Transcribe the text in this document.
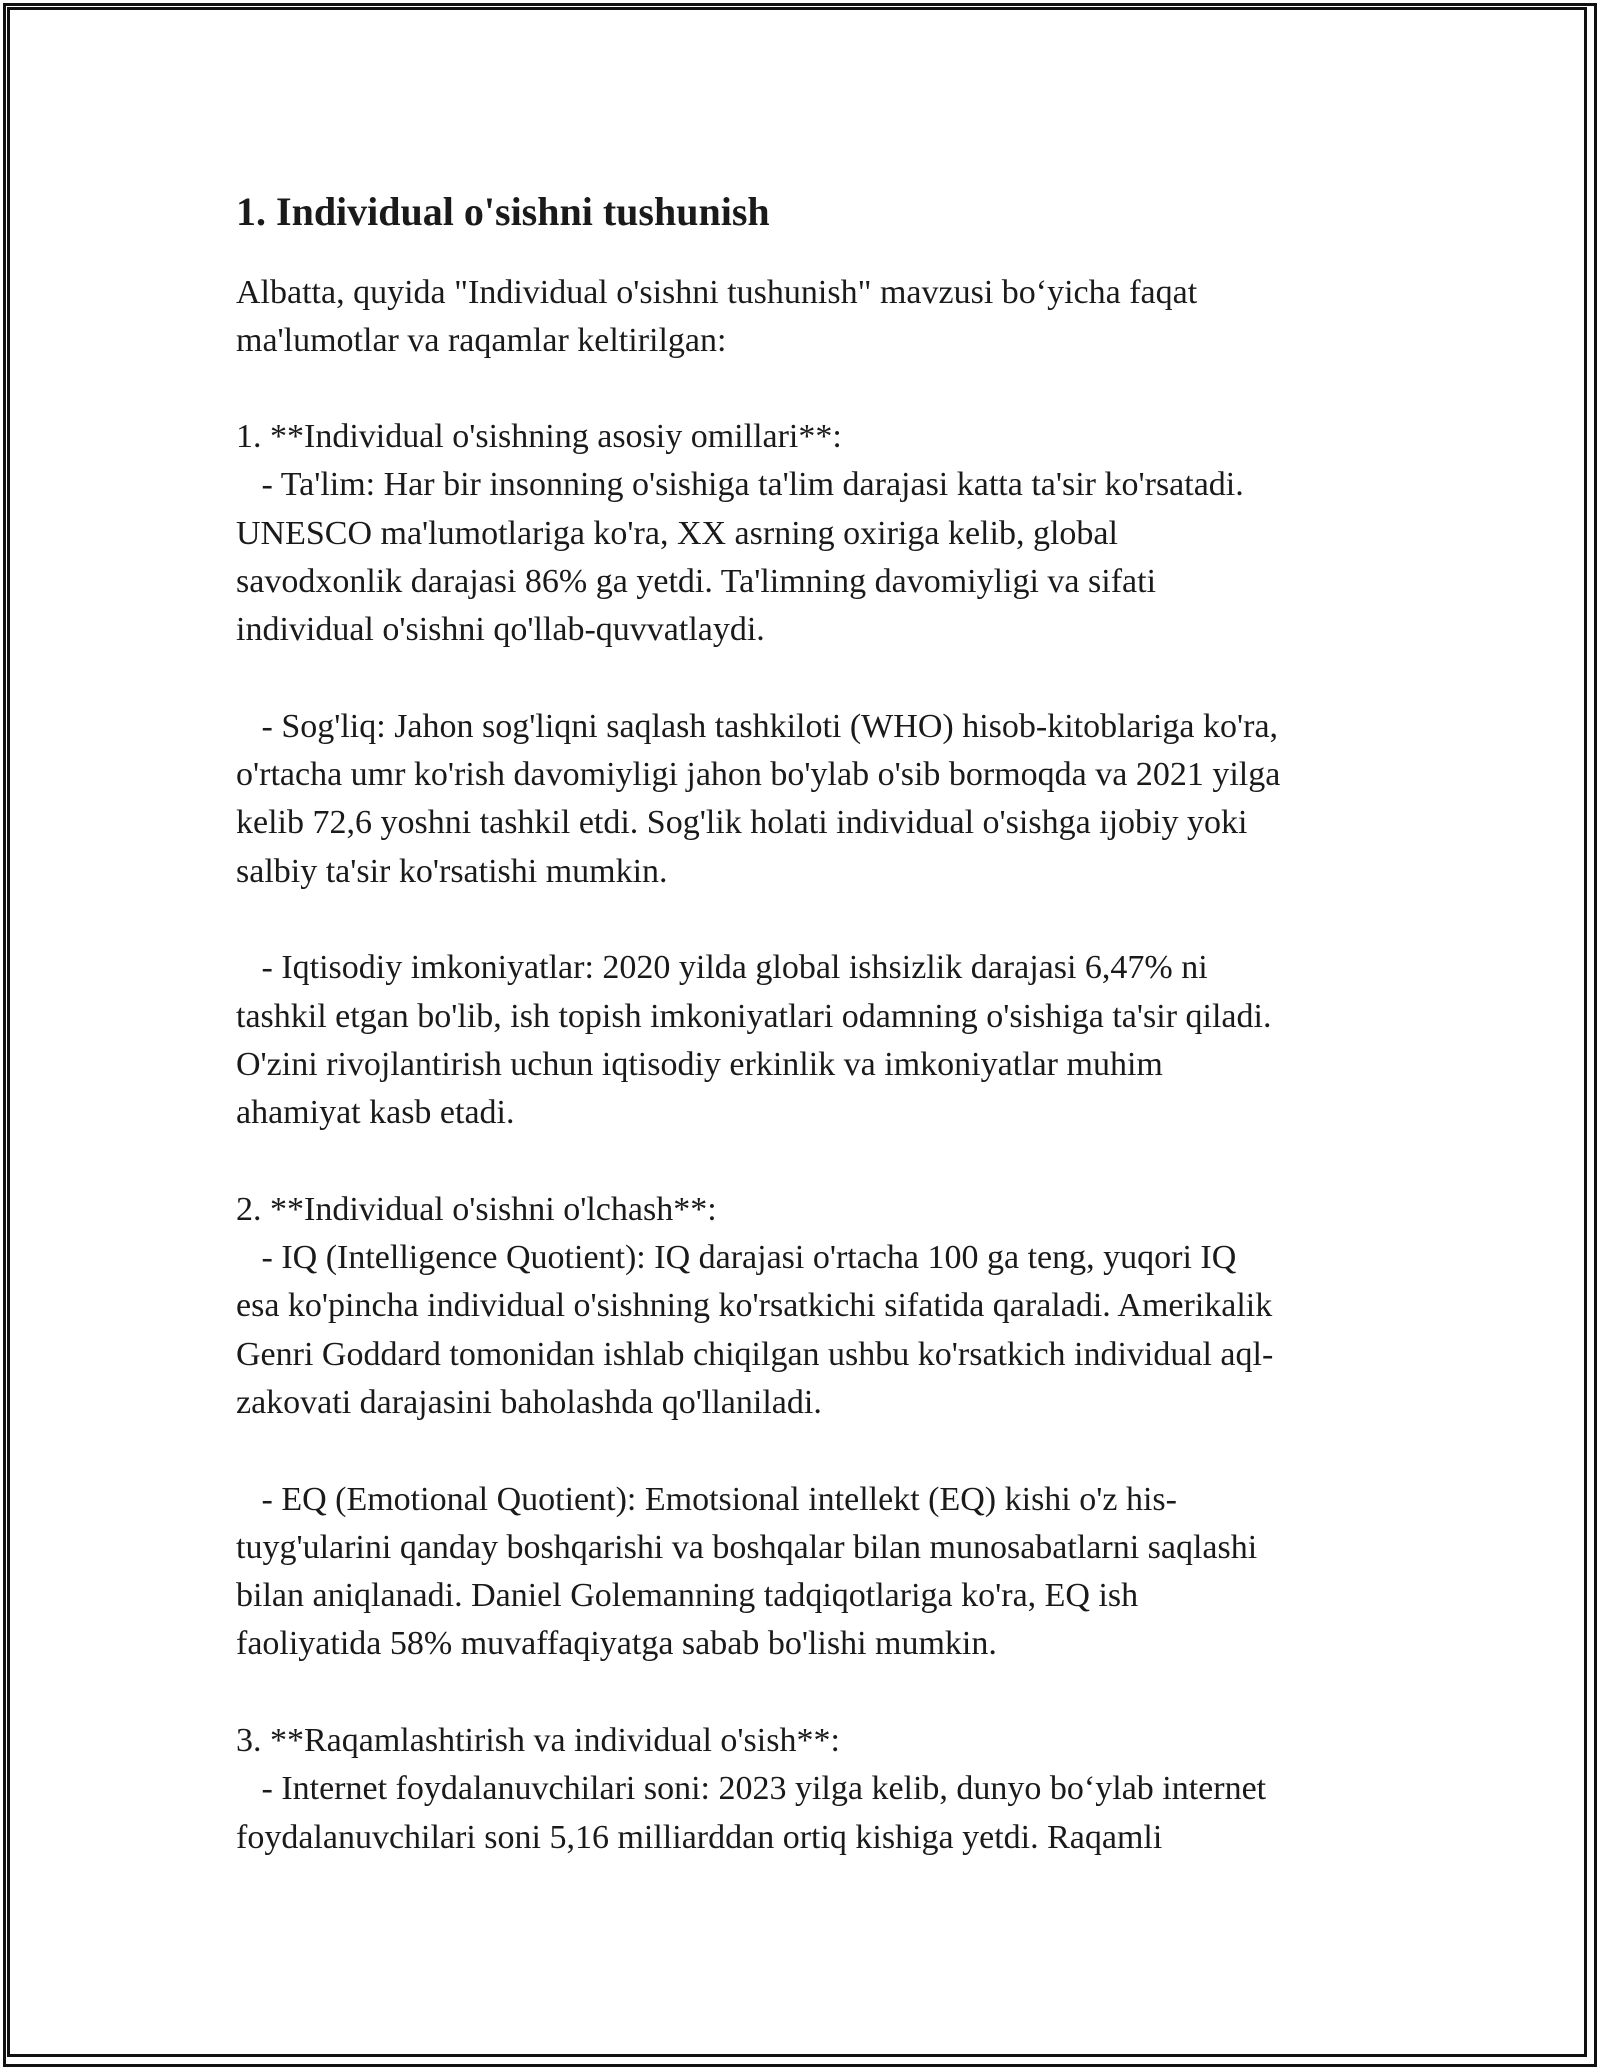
1. Individual o'sishni tushunish

Albatta, quyida "Individual o'sishni tushunish" mavzusi bo‘yicha faqat
ma'lumotlar va raqamlar keltirilgan:

1. **Individual o'sishning asosiy omillari**:
- Ta'lim: Har bir insonning o'sishiga ta'lim darajasi katta ta'sir ko'rsatadi.
UNESCO ma'lumotlariga ko'ra, XX asrning oxiriga kelib, global
savodxonlik darajasi 86% ga yetdi. Ta'limning davomiyligi va sifati
individual o'sishni qo'llab-quvvatlaydi.

- Sog'liq: Jahon sog'liqni saqlash tashkiloti (WHO) hisob-kitoblariga ko'ra,
o'rtacha umr ko'rish davomiyligi jahon bo'ylab o'sib bormoqda va 2021 yilga
kelib 72,6 yoshni tashkil etdi. Sog'lik holati individual o'sishga ijobiy yoki
salbiy ta'sir ko'rsatishi mumkin.

- Iqtisodiy imkoniyatlar: 2020 yilda global ishsizlik darajasi 6,47% ni
tashkil etgan bo'lib, ish topish imkoniyatlari odamning o'sishiga ta'sir qiladi.
O'zini rivojlantirish uchun iqtisodiy erkinlik va imkoniyatlar muhim
ahamiyat kasb etadi.

2. **Individual o'sishni o'lchash**:
- IQ (Intelligence Quotient): IQ darajasi o'rtacha 100 ga teng, yuqori IQ
esa ko'pincha individual o'sishning ko'rsatkichi sifatida qaraladi. Amerikalik
Genri Goddard tomonidan ishlab chiqilgan ushbu ko'rsatkich individual aql-
zakovati darajasini baholashda qo'llaniladi.

- EQ (Emotional Quotient): Emotsional intellekt (EQ) kishi o'z his-
tuyg'ularini qanday boshqarishi va boshqalar bilan munosabatlarni saqlashi
bilan aniqlanadi. Daniel Golemanning tadqiqotlariga ko'ra, EQ ish
faoliyatida 58% muvaffaqiyatga sabab bo'lishi mumkin.

3. **Raqamlashtirish va individual o'sish**:
- Internet foydalanuvchilari soni: 2023 yilga kelib, dunyo bo‘ylab internet
foydalanuvchilari soni 5,16 milliarddan ortiq kishiga yetdi. Raqamli
